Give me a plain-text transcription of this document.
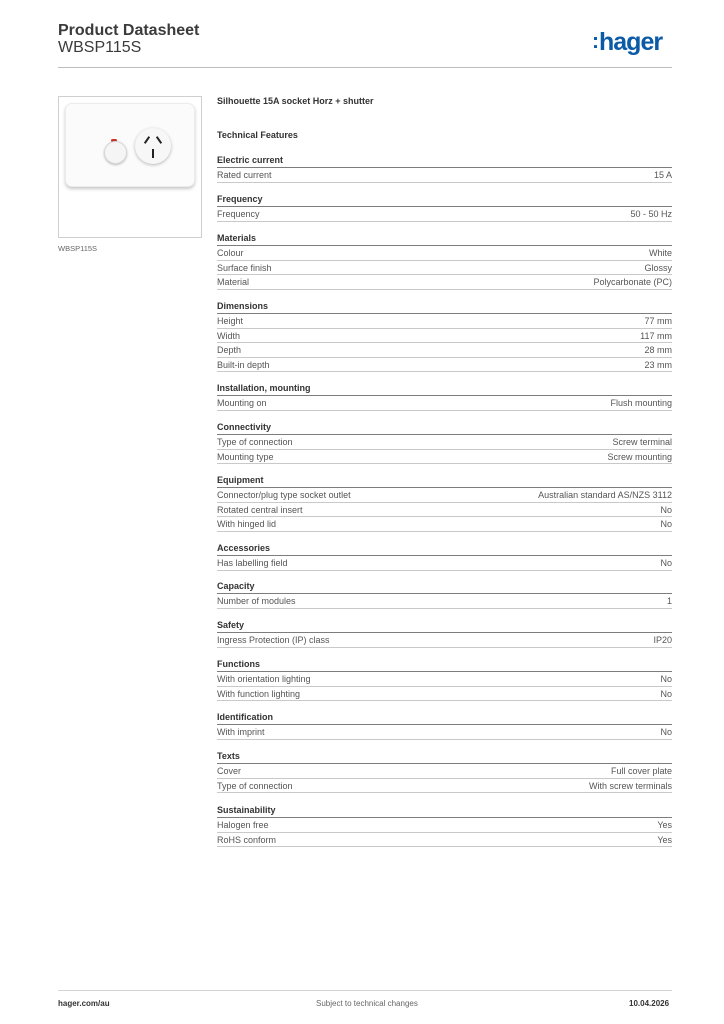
Product Datasheet
WBSP115S	:hager
WBSP115S
Silhouette 15A socket Horz + shutter
Technical Features
Electric current
Rated current	15 A
Frequency
Frequency	50 - 50 Hz
Materials
Colour	White
Surface finish	Glossy
Material	Polycarbonate (PC)
Dimensions
Height	77 mm
Width	117 mm
Depth	28 mm
Built-in depth	23 mm
Installation, mounting
Mounting on	Flush mounting
Connectivity
Type of connection	Screw terminal
Mounting type	Screw mounting
Equipment
Connector/plug type socket outlet	Australian standard AS/NZS 3112
Rotated central insert	No
With hinged lid	No
Accessories
Has labelling field	No
Capacity
Number of modules	1
Safety
Ingress Protection (IP) class	IP20
Functions
With orientation lighting	No
With function lighting	No
Identification
With imprint	No
Texts
Cover	Full cover plate
Type of connection	With screw terminals
Sustainability
Halogen free	Yes
RoHS conform	Yes
hager.com/au	Subject to technical changes	10.04.2026
